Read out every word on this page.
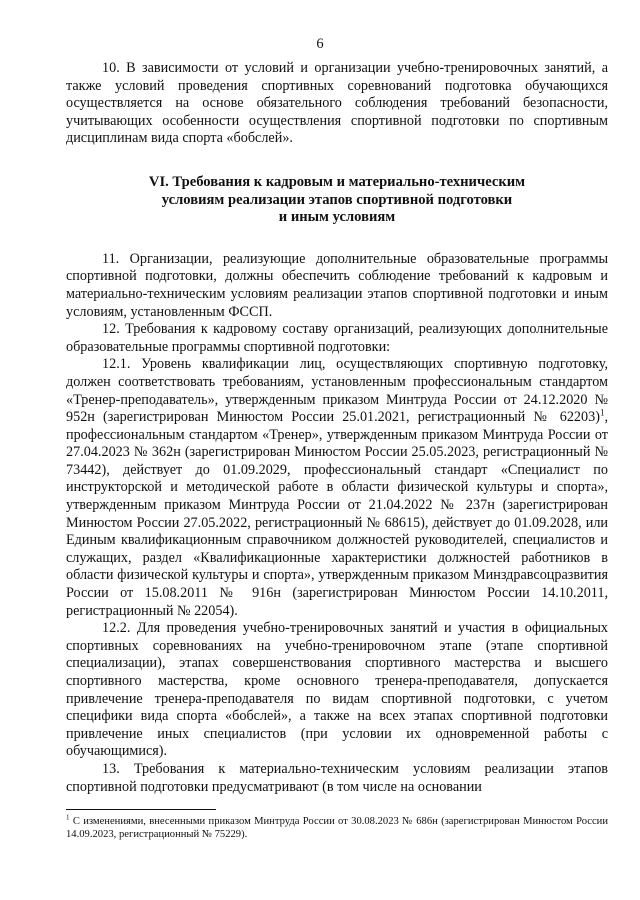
6

10. В зависимости от условий и организации учебно-тренировочных занятий, а также условий проведения спортивных соревнований подготовка обучающихся осуществляется на основе обязательного соблюдения требований безопасности, учитывающих особенности осуществления спортивной подготовки по спортивным дисциплинам вида спорта «бобслей».

VI. Требования к кадровым и материально-техническим
условиям реализации этапов спортивной подготовки
и иным условиям

11. Организации, реализующие дополнительные образовательные программы спортивной подготовки, должны обеспечить соблюдение требований к кадровым и материально-техническим условиям реализации этапов спортивной подготовки и иным условиям, установленным ФССП.

12. Требования к кадровому составу организаций, реализующих дополнительные образовательные программы спортивной подготовки:

12.1. Уровень квалификации лиц, осуществляющих спортивную подготовку, должен соответствовать требованиям, установленным профессиональным стандартом «Тренер-преподаватель», утвержденным приказом Минтруда России от 24.12.2020 № 952н (зарегистрирован Минюстом России 25.01.2021, регистрационный № 62203)$^1$, профессиональным стандартом «Тренер», утвержденным приказом Минтруда России от 27.04.2023 № 362н (зарегистрирован Минюстом России 25.05.2023, регистрационный № 73442), действует до 01.09.2029, профессиональный стандарт «Специалист по инструкторской и методической работе в области физической культуры и спорта», утвержденным приказом Минтруда России от 21.04.2022 № 237н (зарегистрирован Минюстом России 27.05.2022, регистрационный № 68615), действует до 01.09.2028, или Единым квалификационным справочником должностей руководителей, специалистов и служащих, раздел «Квалификационные характеристики должностей работников в области физической культуры и спорта», утвержденным приказом Минздравсоцразвития России от 15.08.2011 № 916н (зарегистрирован Минюстом России 14.10.2011, регистрационный № 22054).

12.2. Для проведения учебно-тренировочных занятий и участия в официальных спортивных соревнованиях на учебно-тренировочном этапе (этапе спортивной специализации), этапах совершенствования спортивного мастерства и высшего спортивного мастерства, кроме основного тренера-преподавателя, допускается привлечение тренера-преподавателя по видам спортивной подготовки, с учетом специфики вида спорта «бобслей», а также на всех этапах спортивной подготовки привлечение иных специалистов (при условии их одновременной работы с обучающимися).

13. Требования к материально-техническим условиям реализации этапов спортивной подготовки предусматривают (в том числе на основании

$^1$ С изменениями, внесенными приказом Минтруда России от 30.08.2023 № 686н (зарегистрирован Минюстом России 14.09.2023, регистрационный № 75229).
